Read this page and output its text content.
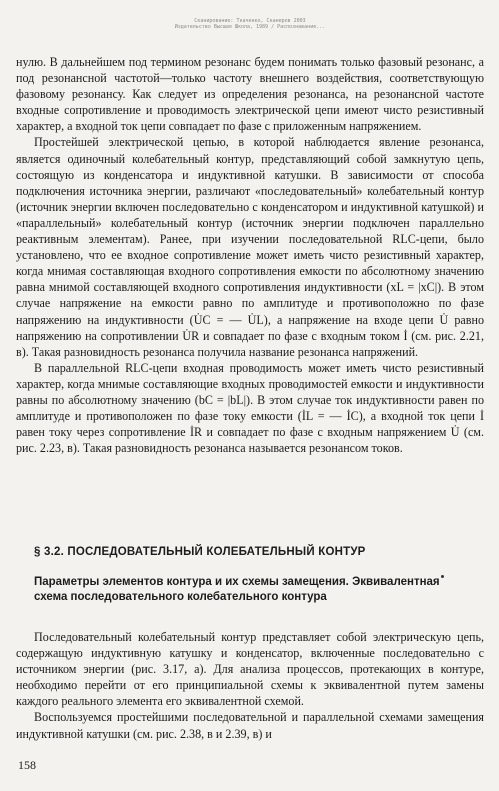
Сканирование: Ткаченко, Сканеров 2003
Издательство Высшая Школа, 1989 / Распознавание...

нулю. В дальнейшем под термином резонанс будем понимать только фазовый резонанс, а под резонансной частотой—только частоту внешнего воздействия, соответствующую фазовому резонансу. Как следует из определения резонанса, на резонансной частоте входные сопротивление и проводимость электрической цепи имеют чисто резистивный характер, а входной ток цепи совпадает по фазе с приложенным напряжением.

Простейшей электрической цепью, в которой наблюдается явление резонанса, является одиночный колебательный контур, представляющий собой замкнутую цепь, состоящую из конденсатора и индуктивной катушки. В зависимости от способа подключения источника энергии, различают «последовательный» колебательный контур (источник энергии включен последовательно с конденсатором и индуктивной катушкой) и «параллельный» колебательный контур (источник энергии подключен параллельно реактивным элементам). Ранее, при изучении последовательной RLC-цепи, было установлено, что ее входное сопротивление может иметь чисто резистивный характер, когда мнимая составляющая входного сопротивления емкости по абсолютному значению равна мнимой составляющей входного сопротивления индуктивности (xL = |xC|). В этом случае напряжение на емкости равно по амплитуде и противоположно по фазе напряжению на индуктивности (U̇C = — U̇L), а напряжение на входе цепи U̇ равно напряжению на сопротивлении U̇R и совпадает по фазе с входным током İ (см. рис. 2.21, в). Такая разновидность резонанса получила название резонанса напряжений.

В параллельной RLC-цепи входная проводимость может иметь чисто резистивный характер, когда мнимые составляющие входных проводимостей емкости и индуктивности равны по абсолютному значению (bC = |bL|). В этом случае ток индуктивности равен по амплитуде и противоположен по фазе току емкости (İL = — İC), а входной ток цепи İ равен току через сопротивление İR и совпадает по фазе с входным напряжением U̇ (см. рис. 2.23, в). Такая разновидность резонанса называется резонансом токов.

§ 3.2. ПОСЛЕДОВАТЕЛЬНЫЙ КОЛЕБАТЕЛЬНЫЙ КОНТУР
Параметры элементов контура и их схемы замещения. Эквивалентная схема последовательного колебательного контура

Последовательный колебательный контур представляет собой электрическую цепь, содержащую индуктивную катушку и конденсатор, включенные последовательно с источником энергии (рис. 3.17, а). Для анализа процессов, протекающих в контуре, необходимо перейти от его принципиальной схемы к эквивалентной путем замены каждого реального элемента его эквивалентной схемой.

Воспользуемся простейшими последовательной и параллельной схемами замещения индуктивной катушки (см. рис. 2.38, в и 2.39, в) и

158
